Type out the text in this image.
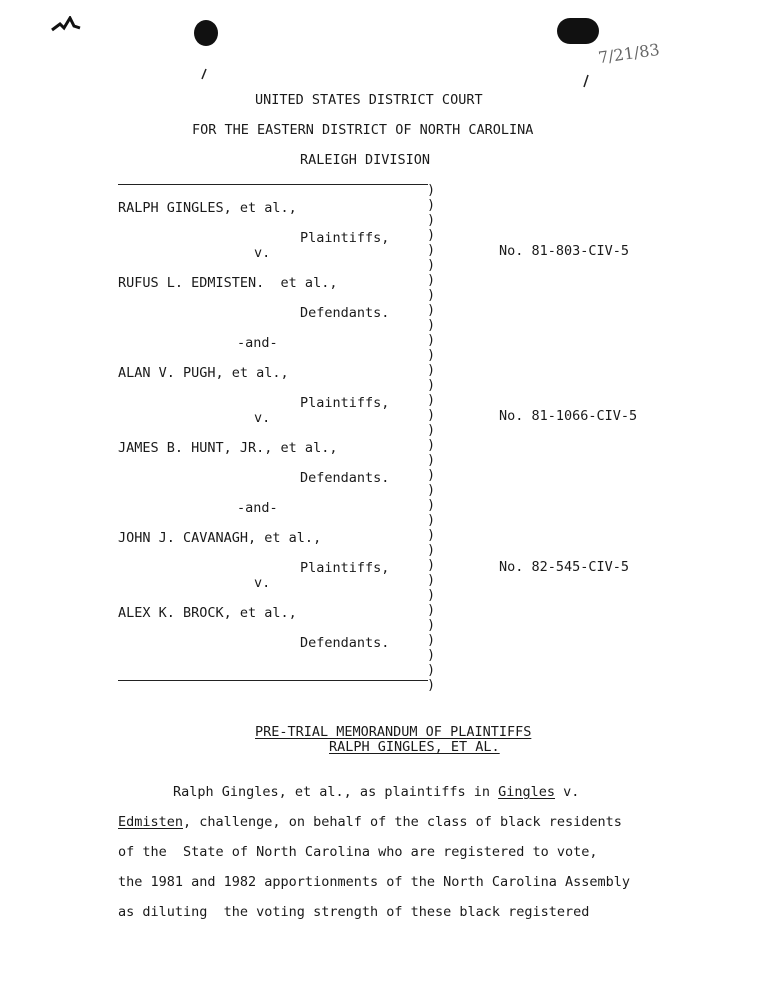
7/21/83
UNITED STATES DISTRICT COURT
FOR THE EASTERN DISTRICT OF NORTH CAROLINA
RALEIGH DIVISION
)
)
)
)
)
)
)
)
)
)
)
)
)
)
)
)
)
)
)
)
)
)
)
)
)
)
)
)
)
)
)
)
)
)
RALPH GINGLES, et al.,
Plaintiffs,
v.
RUFUS L. EDMISTEN.  et al.,
Defendants.
-and-
ALAN V. PUGH, et al.,
Plaintiffs,
v.
JAMES B. HUNT, JR., et al.,
Defendants.
-and-
JOHN J. CAVANAGH, et al.,
Plaintiffs,
v.
ALEX K. BROCK, et al.,
Defendants.
No. 81-803-CIV-5
No. 81-1066-CIV-5
No. 82-545-CIV-5
PRE-TRIAL MEMORANDUM OF PLAINTIFFS
RALPH GINGLES, ET AL.
Ralph Gingles, et al., as plaintiffs in Gingles v.
Edmisten, challenge, on behalf of the class of black residents
of the  State of North Carolina who are registered to vote,
the 1981 and 1982 apportionments of the North Carolina Assembly
as diluting  the voting strength of these black registered
